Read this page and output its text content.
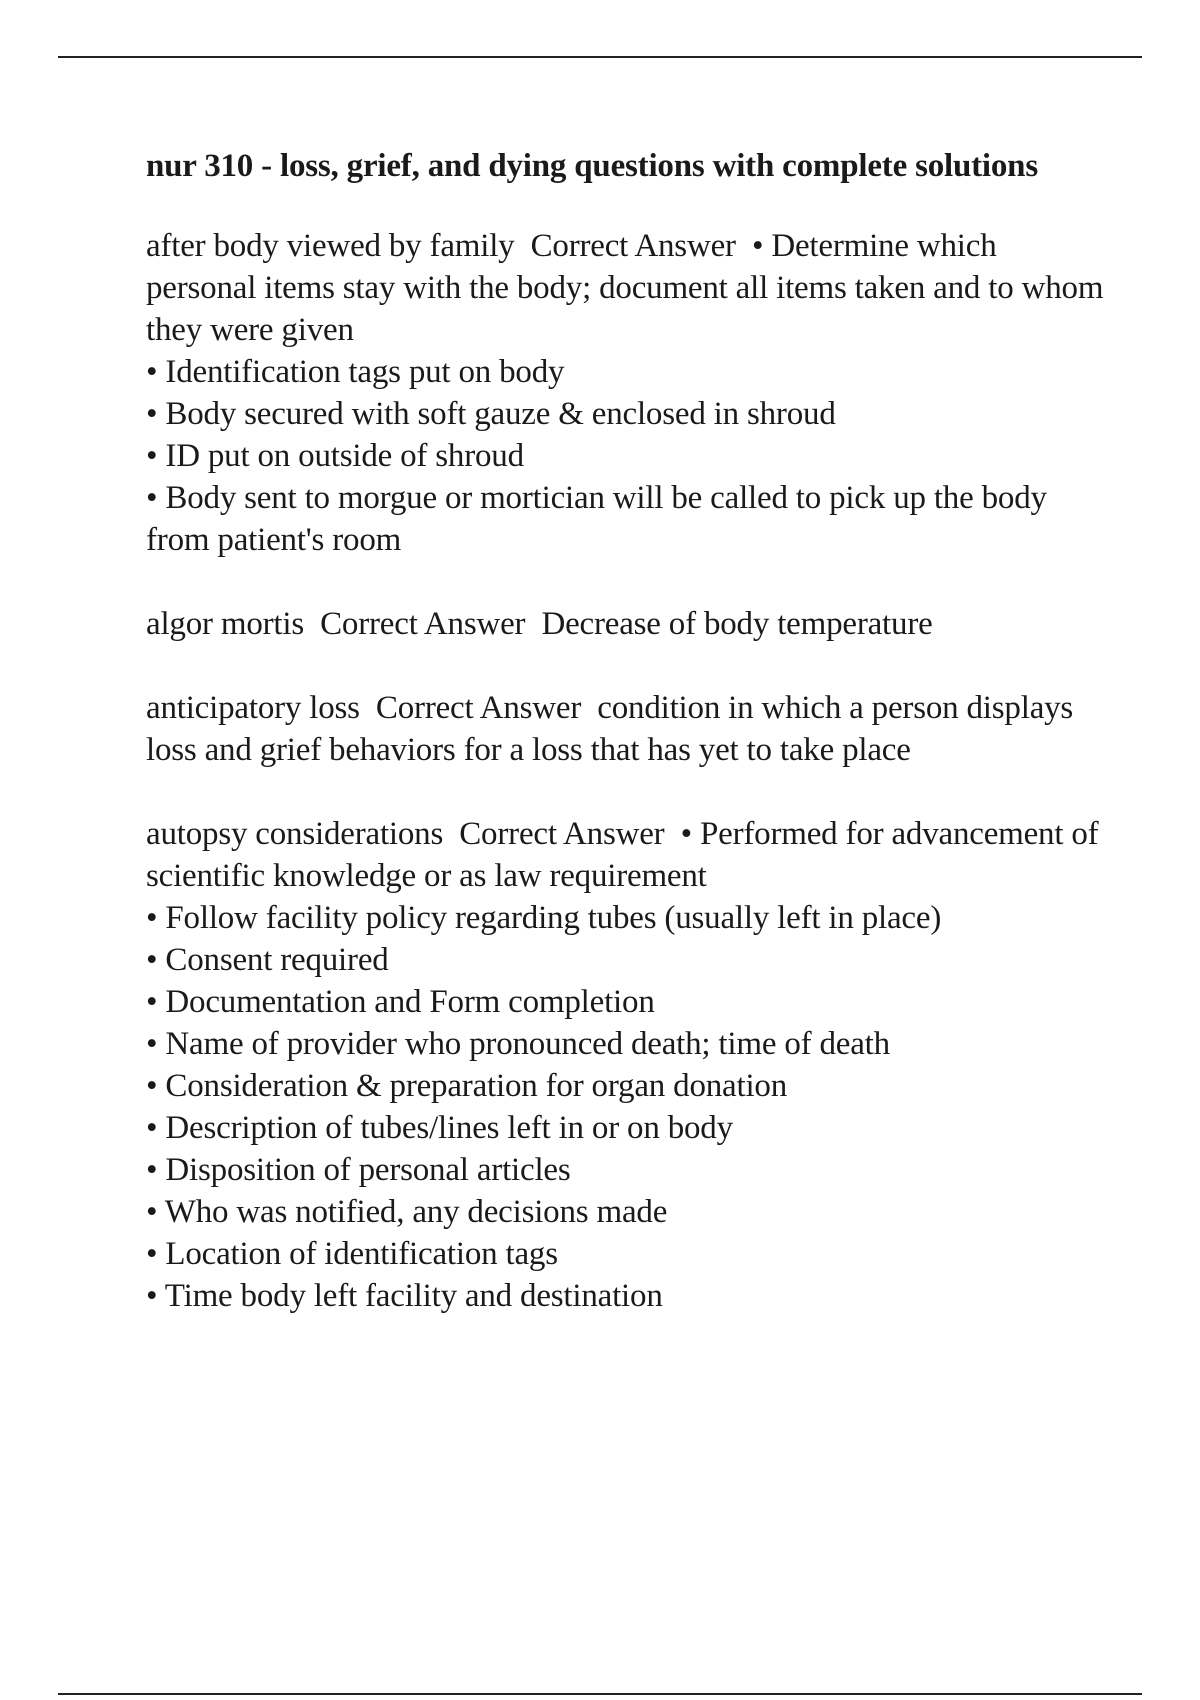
nur 310 - loss, grief, and dying questions with complete solutions
after body viewed by family Correct Answer • Determine which personal items stay with the body; document all items taken and to whom they were given
• Identification tags put on body
• Body secured with soft gauze & enclosed in shroud
• ID put on outside of shroud
• Body sent to morgue or mortician will be called to pick up the body from patient's room
algor mortis Correct Answer Decrease of body temperature
anticipatory loss Correct Answer condition in which a person displays loss and grief behaviors for a loss that has yet to take place
autopsy considerations Correct Answer • Performed for advancement of scientific knowledge or as law requirement
• Follow facility policy regarding tubes (usually left in place)
• Consent required
• Documentation and Form completion
• Name of provider who pronounced death; time of death
• Consideration & preparation for organ donation
• Description of tubes/lines left in or on body
• Disposition of personal articles
• Who was notified, any decisions made
• Location of identification tags
• Time body left facility and destination
